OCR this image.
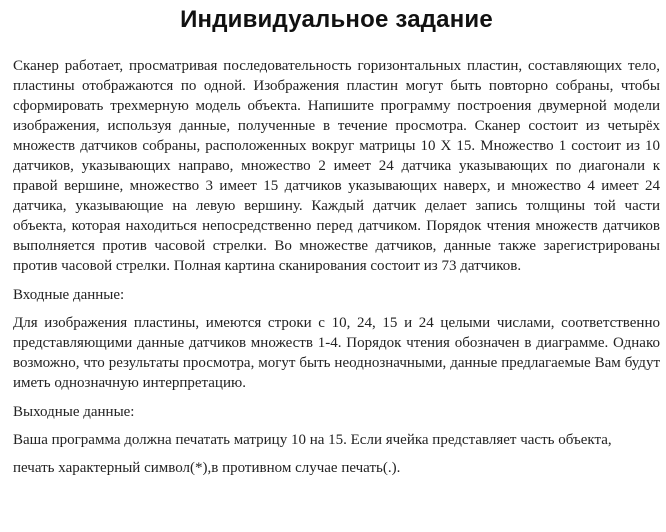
Индивидуальное задание

Сканер работает, просматривая последовательность горизонтальных пластин, составляющих тело, пластины отображаются по одной. Изображения пластин могут быть повторно собраны, чтобы сформировать трехмерную модель объекта. Напишите программу построения двумерной модели изображения, используя данные, полученные в течение просмотра. Сканер состоит из четырёх множеств датчиков собраны, расположенных вокруг матрицы 10 X 15. Множество 1 состоит из 10 датчиков, указывающих направо, множество 2 имеет 24 датчика указывающих по диагонали к правой вершине, множество 3 имеет 15 датчиков указывающих наверх, и множество 4 имеет 24 датчика, указывающие на левую вершину. Каждый датчик делает запись толщины той части объекта, которая находиться непосредственно перед датчиком. Порядок чтения множеств датчиков выполняется против часовой стрелки. Во множестве датчиков, данные также зарегистрированы против часовой стрелки. Полная картина сканирования состоит из 73 датчиков.

Входные данные:

Для изображения пластины, имеются строки с 10, 24, 15 и 24 целыми числами, соответственно представляющими данные датчиков множеств 1-4. Порядок чтения обозначен в диаграмме. Однако возможно, что результаты просмотра, могут быть неоднозначными, данные предлагаемые Вам будут иметь однозначную интерпретацию.

Выходные данные:

Ваша программа должна печатать матрицу 10 на 15. Если ячейка представляет часть объекта,

печать характерный символ(*),в противном случае печать(.).
